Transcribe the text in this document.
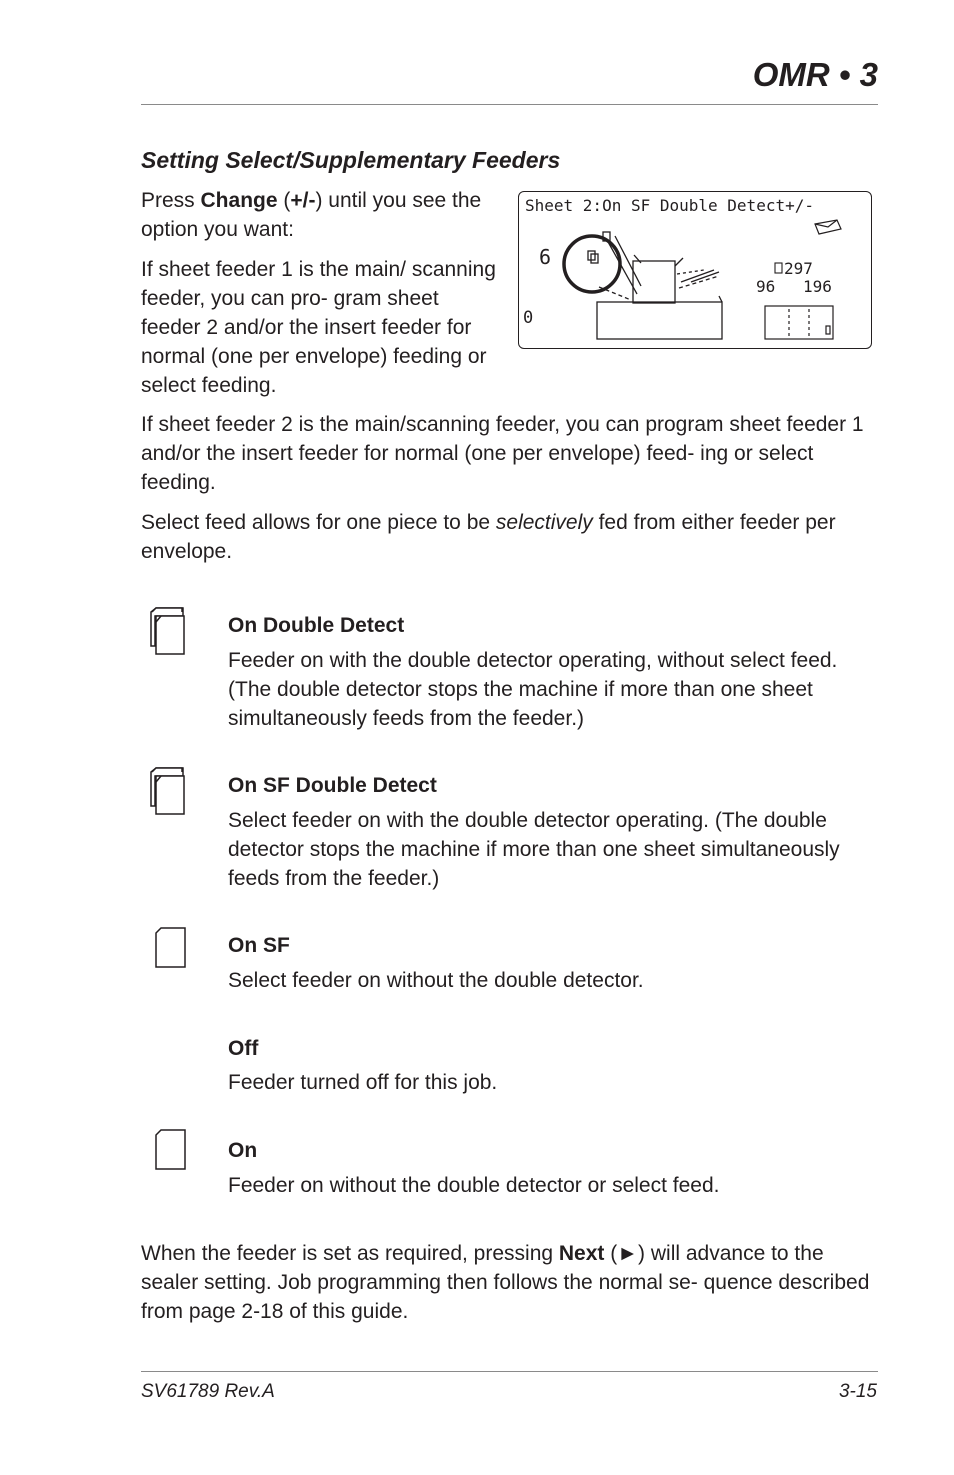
OMR • 3
Setting Select/Supplementary Feeders

Press Change (+/-) until you see the option you want:

If sheet feeder 1 is the main/ scanning feeder, you can pro- gram sheet feeder 2 and/or the insert feeder for normal (one per envelope) feeding or select feeding.

Sheet 2:On SF Double Detect+/-
6
0
297
96 196

If sheet feeder 2 is the main/scanning feeder, you can program sheet feeder 1 and/or the insert feeder for normal (one per envelope) feed- ing or select feeding.

Select feed allows for one piece to be selectively fed from either feeder per envelope.

On Double Detect
Feeder on with the double detector operating, without select feed. (The double detector stops the machine if more than one sheet simultaneously feeds from the feeder.)
On SF Double Detect
Select feeder on with the double detector operating. (The double detector stops the machine if more than one sheet simultaneously feeds from the feeder.)
On SF
Select feeder on without the double detector.
Off
Feeder turned off for this job.
On
Feeder on without the double detector or select feed.

When the feeder is set as required, pressing Next (►) will advance to the sealer setting. Job programming then follows the normal se- quence described from page 2-18 of this guide.

SV61789 Rev.A	3-15
